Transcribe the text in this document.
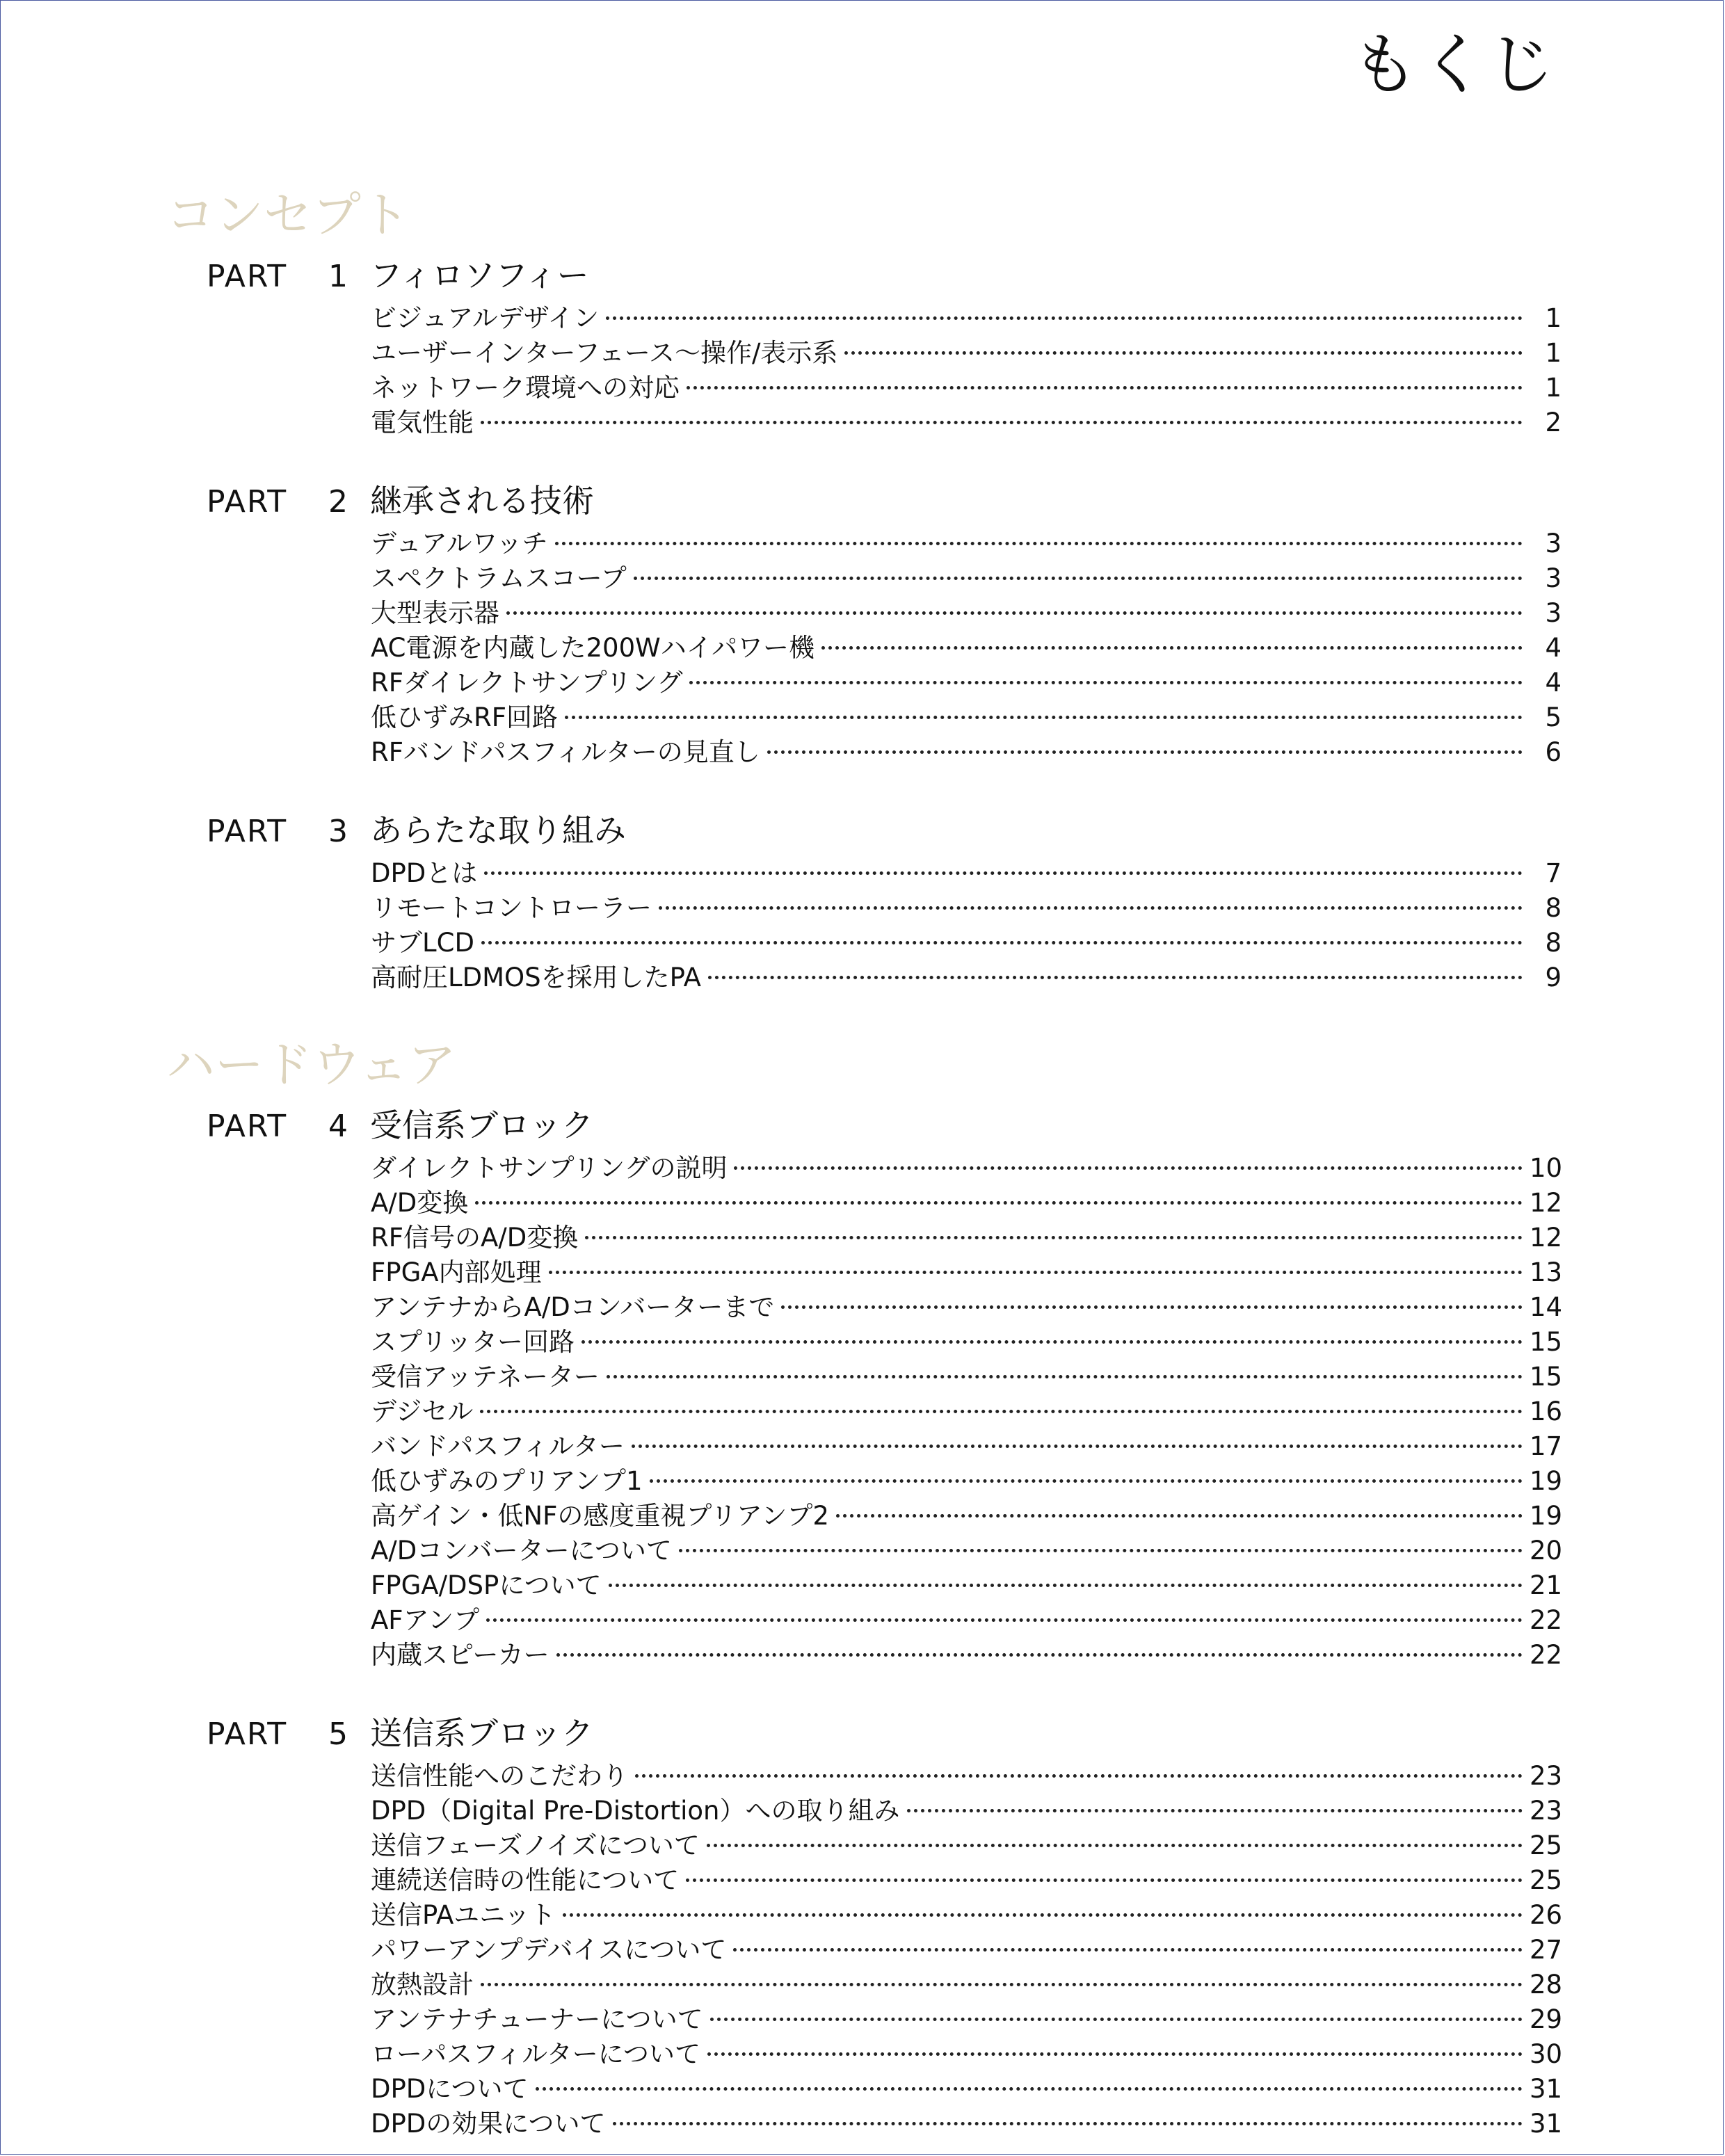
もくじ
コンセプト
PART	1 フィロソフィー
ビジュアルデザイン	1
ユーザーインターフェース～操作/表示系	1
ネットワーク環境への対応	1
電気性能	2
PART	2 継承される技術
デュアルワッチ	3
スペクトラムスコープ	3
大型表示器	3
AC電源を内蔵した200Wハイパワー機	4
RFダイレクトサンプリング	4
低ひずみRF回路	5
RFバンドパスフィルターの見直し	6
PART	3 あらたな取り組み
DPDとは	7
リモートコントローラー	8
サブLCD	8
高耐圧LDMOSを採用したPA	9
ハードウェア
PART	4 受信系ブロック
ダイレクトサンプリングの説明	10
A/D変換	12
RF信号のA/D変換	12
FPGA内部処理	13
アンテナからA/Dコンバーターまで	14
スプリッター回路	15
受信アッテネーター	15
デジセル	16
バンドパスフィルター	17
低ひずみのプリアンプ1	19
高ゲイン・低NFの感度重視プリアンプ2	19
A/Dコンバーターについて	20
FPGA/DSPについて	21
AFアンプ	22
内蔵スピーカー	22
PART	5 送信系ブロック
送信性能へのこだわり	23
DPD（Digital Pre-Distortion）への取り組み	23
送信フェーズノイズについて	25
連続送信時の性能について	25
送信PAユニット	26
パワーアンプデバイスについて	27
放熱設計	28
アンテナチューナーについて	29
ローパスフィルターについて	30
DPDについて	31
DPDの効果について	31
